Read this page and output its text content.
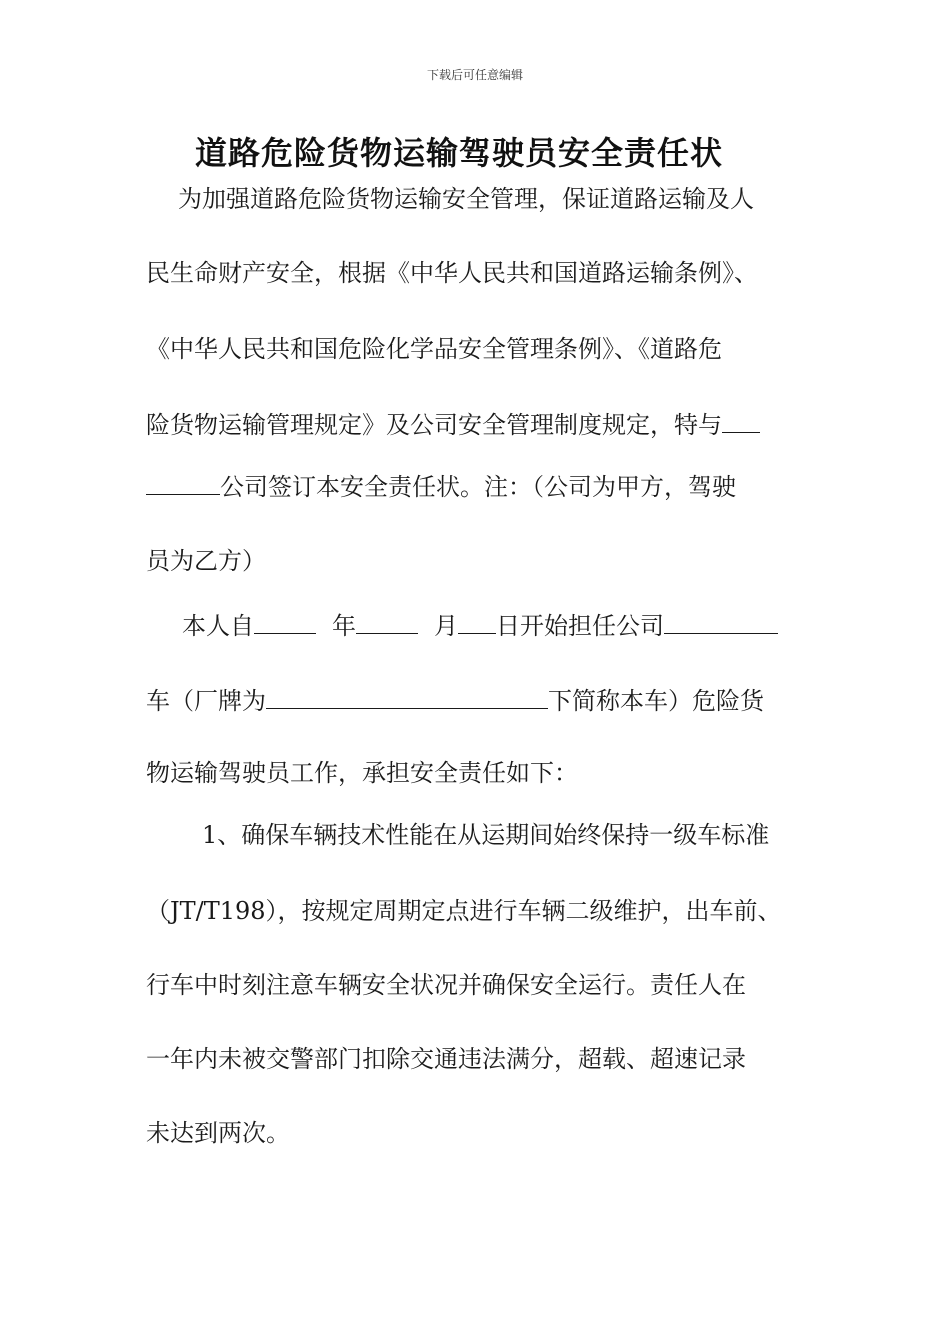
下载后可任意编辑
道路危险货物运输驾驶员安全责任状
为加强道路危险货物运输安全管理，保证道路运输及人
民生命财产安全，根据《中华人民共和国道路运输条例》、
《中华人民共和国危险化学品安全管理条例》、《道路危
险货物运输管理规定》及公司安全管理制度规定，特与
公司签订本安全责任状。注：（公司为甲方，驾驶
员为乙方）
本人自	年	月 日开始担任公司
车（厂牌为	下简称本车）危险货
物运输驾驶员工作，承担安全责任如下：
1、确保车辆技术性能在从运期间始终保持一级车标准
（JT/T198），按规定周期定点进行车辆二级维护，出车前、
行车中时刻注意车辆安全状况并确保安全运行。责任人在
一年内未被交警部门扣除交通违法满分，超载、超速记录
未达到两次。
